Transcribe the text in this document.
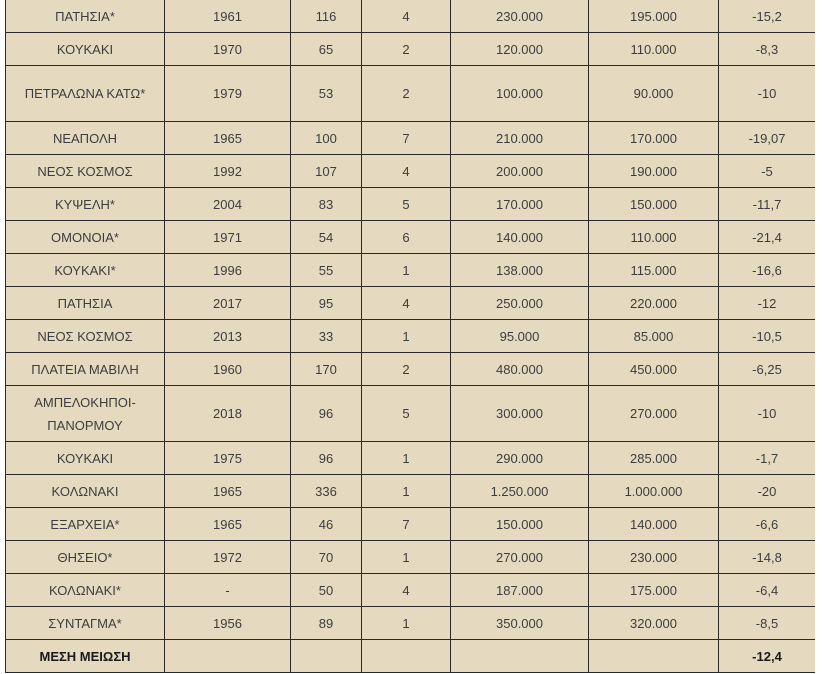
ΠΑΤΗΣΙΑ*	1961	116	4	230.000	195.000	-15,2
ΚΟΥΚΑΚΙ	1970	65	2	120.000	110.000	-8,3
ΠΕΤΡΑΛΩΝΑ ΚΑΤΩ*	1979	53	2	100.000	90.000	-10
ΝΕΑΠΟΛΗ	1965	100	7	210.000	170.000	-19,07
ΝΕΟΣ ΚΟΣΜΟΣ	1992	107	4	200.000	190.000	-5
ΚΥΨΕΛΗ*	2004	83	5	170.000	150.000	-11,7
ΟΜΟΝΟΙΑ*	1971	54	6	140.000	110.000	-21,4
ΚΟΥΚΑΚΙ*	1996	55	1	138.000	115.000	-16,6
ΠΑΤΗΣΙΑ	2017	95	4	250.000	220.000	-12
ΝΕΟΣ ΚΟΣΜΟΣ	2013	33	1	95.000	85.000	-10,5
ΠΛΑΤΕΙΑ ΜΑΒΙΛΗ	1960	170	2	480.000	450.000	-6,25
ΑΜΠΕΛΟΚΗΠΟΙ-ΠΑΝΟΡΜΟΥ	2018	96	5	300.000	270.000	-10
ΚΟΥΚΑΚΙ	1975	96	1	290.000	285.000	-1,7
ΚΟΛΩΝΑΚΙ	1965	336	1	1.250.000	1.000.000	-20
ΕΞΑΡΧΕΙΑ*	1965	46	7	150.000	140.000	-6,6
ΘΗΣΕΙΟ*	1972	70	1	270.000	230.000	-14,8
ΚΟΛΩΝΑΚΙ*	-	50	4	187.000	175.000	-6,4
ΣΥΝΤΑΓΜΑ*	1956	89	1	350.000	320.000	-8,5
ΜΕΣΗ ΜΕΙΩΣΗ						-12,4
